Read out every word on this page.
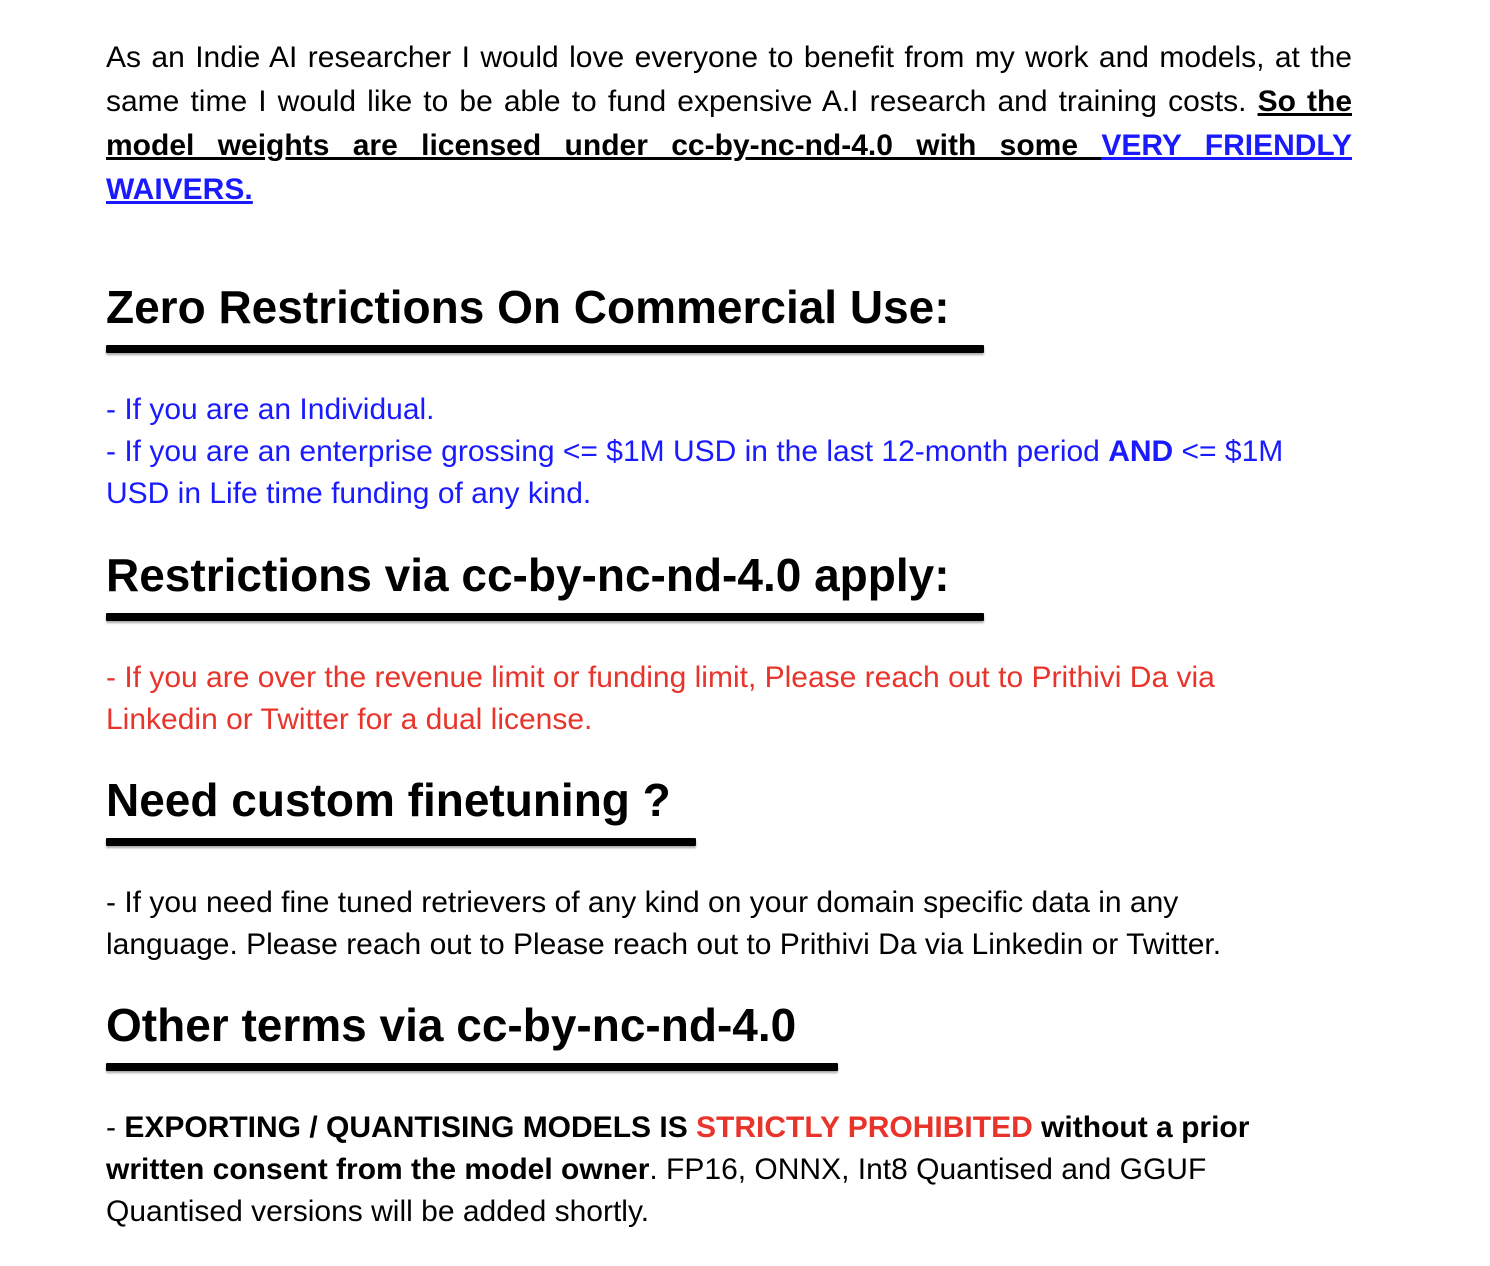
As an Indie AI researcher I would love everyone to benefit from my work and models, at the same time I would like to be able to fund expensive A.I research and training costs. So the model weights are licensed under cc-by-nc-nd-4.0 with some VERY FRIENDLY WAIVERS.

Zero Restrictions On Commercial Use:

- If you are an Individual.

- If you are an enterprise grossing <= $1M USD in the last 12-month period AND <= $1M USD in Life time funding of any kind.

Restrictions via cc-by-nc-nd-4.0 apply:

- If you are over the revenue limit or funding limit, Please reach out to Prithivi Da via Linkedin or Twitter for a dual license.

Need custom finetuning ?

- If you need fine tuned retrievers of any kind on your domain specific data in any language. Please reach out to Please reach out to Prithivi Da via Linkedin or Twitter.

Other terms via cc-by-nc-nd-4.0

- EXPORTING / QUANTISING MODELS IS STRICTLY PROHIBITED without a prior written consent from the model owner. FP16, ONNX, Int8 Quantised and GGUF Quantised versions will be added shortly.
